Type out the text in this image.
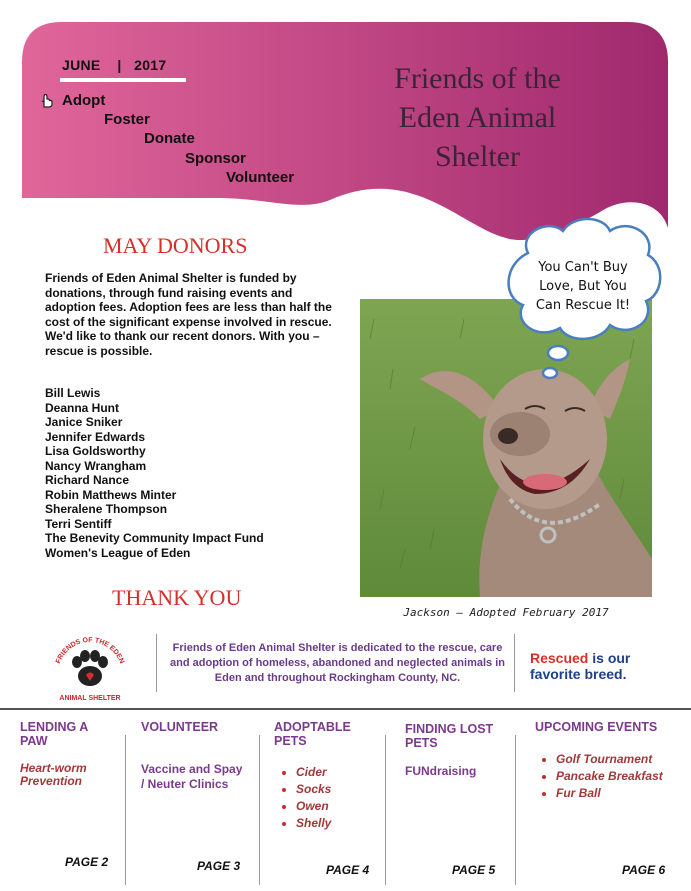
JUNE | 2017
Adopt
Foster
Donate
Sponsor
Volunteer
Friends of the
Eden Animal
Shelter
MAY DONORS
Friends of Eden Animal Shelter is funded by donations, through fund raising events and adoption fees. Adoption fees are less than half the cost of the significant expense involved in rescue. We'd like to thank our recent donors. With you – rescue is possible.
Bill Lewis
Deanna Hunt
Janice Sniker
Jennifer Edwards
Lisa Goldsworthy
Nancy Wrangham
Richard Nance
Robin Matthews Minter
Sheralene Thompson
Terri Sentiff
The Benevity Community Impact Fund
Women's League of Eden
THANK YOU
You Can't Buy
Love, But You
Can Rescue It!
Jackson – Adopted February 2017
FRIENDS OF THE EDEN
ANIMAL SHELTER
Friends of Eden Animal Shelter is dedicated to the rescue, care and adoption of homeless, abandoned and neglected animals in Eden and throughout Rockingham County, NC.
Rescued is our favorite breed.
LENDING A PAW
Heart-worm Prevention
PAGE 2
VOLUNTEER
Vaccine and Spay / Neuter Clinics
PAGE 3
ADOPTABLE PETS
• Cider
• Socks
• Owen
• Shelly
PAGE 4
FINDING LOST PETS
FUNdraising
PAGE 5
UPCOMING EVENTS
• Golf Tournament
• Pancake Breakfast
• Fur Ball
PAGE 6
